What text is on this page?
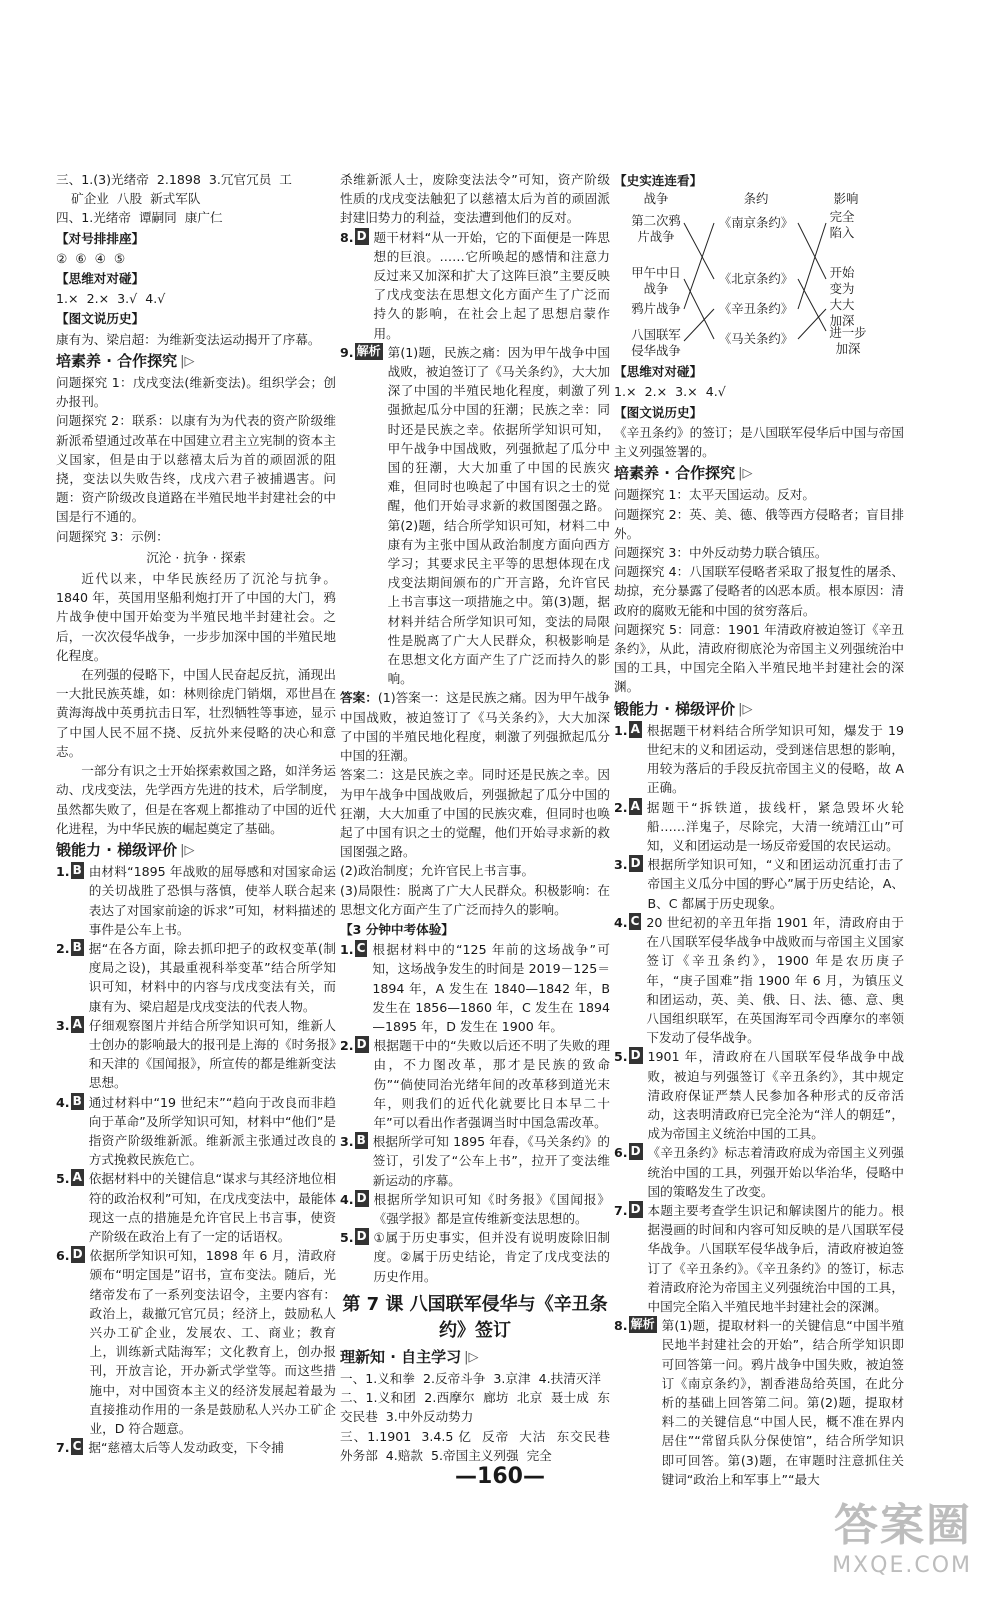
三、1.(3)光绪帝  2.1898  3.冗官冗员  工

矿企业  八股  新式军队

四、1.光绪帝  谭嗣同  康广仁

【对号排排座】

②  ⑥  ④  ⑤

【思维对对碰】

1.×  2.×  3.√  4.√

【图文说历史】

康有为、梁启超：为维新变法运动揭开了序幕。

培素养 · 合作探究 |▷

问题探究 1：戊戌变法(维新变法)。组织学会；创办报刊。

问题探究 2：联系：以康有为为代表的资产阶级维新派希望通过改革在中国建立君主立宪制的资本主义国家，但是由于以慈禧太后为首的顽固派的阻挠，变法以失败告终，戊戌六君子被捕遇害。问题：资产阶级改良道路在半殖民地半封建社会的中国是行不通的。

问题探究 3：示例：

沉沦 · 抗争 · 探索

近代以来，中华民族经历了沉沦与抗争。1840 年，英国用坚船利炮打开了中国的大门，鸦片战争使中国开始变为半殖民地半封建社会。之后，一次次侵华战争，一步步加深中国的半殖民地化程度。

在列强的侵略下，中国人民奋起反抗，涌现出一大批民族英雄，如：林则徐虎门销烟，邓世昌在黄海海战中英勇抗击日军，壮烈牺牲等事迹，显示了中国人民不屈不挠、反抗外来侵略的决心和意志。

一部分有识之士开始探索救国之路，如洋务运动、戊戌变法，先学西方先进的技术，后学制度，虽然都失败了，但是在客观上都推动了中国的近代化进程，为中华民族的崛起奠定了基础。

锻能力 · 梯级评价 |▷
1. B 由材料“1895 年战败的屈辱感和对国家命运的关切战胜了恐惧与落慎，使举人联合起来表达了对国家前途的诉求”可知，材料描述的事件是公车上书。
2. B 据“在各方面，除去抓印把子的政权变革(制度局之设)，其最重视科举变革”结合所学知识可知，材料中的内容与戊戌变法有关，而康有为、梁启超是戊戌变法的代表人物。
3. A 仔细观察图片并结合所学知识可知，维新人士创办的影响最大的报刊是上海的《时务报》和天津的《国闻报》，所宣传的都是维新变法思想。
4. B 通过材料中“19 世纪末”“趋向于改良而非趋向于革命”及所学知识可知，材料中“他们”是指资产阶级维新派。维新派主张通过改良的方式挽救民族危亡。
5. A 依据材料中的关键信息“谋求与其经济地位相符的政治权利”可知，在戊戌变法中，最能体现这一点的措施是允许官民上书言事，使资产阶级在政治上有了一定的话语权。
6. D 依据所学知识可知，1898 年 6 月，清政府颁布“明定国是”诏书，宣布变法。随后，光绪帝发布了一系列变法诏令，主要内容有：政治上，裁撤冗官冗员；经济上，鼓励私人兴办工矿企业，发展农、工、商业；教育上，训练新式陆海军；文化教育上，创办报刊，开放言论，开办新式学堂等。而这些措施中，对中国资本主义的经济发展起着最为直接推动作用的一条是鼓励私人兴办工矿企业，D 符合题意。
7. C 据“慈禧太后等人发动政变，下令捕

杀维新派人士，废除变法法令”可知，资产阶级性质的戊戌变法触犯了以慈禧太后为首的顽固派封建旧势力的利益，变法遭到他们的反对。

8. D 题干材料“从一开始，它的下面便是一阵思想的巨浪。……它所唤起的感情和注意力反过来又加深和扩大了这阵巨浪”主要反映了戊戌变法在思想文化方面产生了广泛而持久的影响，在社会上起了思想启蒙作用。
9. 解析 第(1)题，民族之痛：因为甲午战争中国战败，被迫签订了《马关条约》，大大加深了中国的半殖民地化程度，刺激了列强掀起瓜分中国的狂潮；民族之幸：同时还是民族之幸。依据所学知识可知，甲午战争中国战败，列强掀起了瓜分中国的狂潮，大大加重了中国的民族灾难，但同时也唤起了中国有识之士的觉醒，他们开始寻求新的救国图强之路。第(2)题，结合所学知识可知，材料二中康有为主张中国从政治制度方面向西方学习；其要求民主平等的思想体现在戊戌变法期间颁布的广开言路，允许官民上书言事这一项措施之中。第(3)题，据材料并结合所学知识可知，变法的局限性是脱离了广大人民群众，积极影响是在思想文化方面产生了广泛而持久的影响。

答案：(1)答案一：这是民族之痛。因为甲午战争中国战败，被迫签订了《马关条约》，大大加深了中国的半殖民地化程度，刺激了列强掀起瓜分中国的狂潮。

答案二：这是民族之幸。同时还是民族之幸。因为甲午战争中国战败后，列强掀起了瓜分中国的狂潮，大大加重了中国的民族灾难，但同时也唤起了中国有识之士的觉醒，他们开始寻求新的救国图强之路。

(2)政治制度；允许官民上书言事。

(3)局限性：脱离了广大人民群众。积极影响：在思想文化方面产生了广泛而持久的影响。

【3 分钟中考体验】

1. C 根据材料中的“125 年前的这场战争”可知，这场战争发生的时间是 2019－125＝1894 年，A 发生在 1840—1842 年，B 发生在 1856—1860 年，C 发生在 1894—1895 年，D 发生在 1900 年。
2. D 根据题干中的“失败以后还不明了失败的理由，不力图改革，那才是民族的致命伤”“倘使同治光绪年间的改革移到道光末年，则我们的近代化就要比日本早二十年”可以看出作者强调当时中国急需改革。
3. B 根据所学可知 1895 年春，《马关条约》的签订，引发了“公车上书”，拉开了变法维新运动的序幕。
4. D 根据所学知识可知《时务报》《国闻报》《强学报》都是宣传维新变法思想的。
5. D ①属于历史事实，但并没有说明废除旧制度。②属于历史结论，肯定了戊戌变法的历史作用。
第 7 课 八国联军侵华与《辛丑条约》签订
理新知 · 自主学习 |▷

一、1.义和拳  2.反帝斗争  3.京津  4.扶清灭洋

二、1.义和团  2.西摩尔  廊坊  北京  聂士成  东交民巷  3.中外反动势力

三、1.1901  3.4.5 亿  反帝  大沽  东交民巷  外务部  4.赔款  5.帝国主义列强  完全

【史实连连看】

战争	条约	影响
第二次鸦片战争
甲午中日战争
鸦片战争
八国联军侵华战争
《南京条约》
《北京条约》
《辛丑条约》
《马关条约》
完全陷入
开始变为
大大加深
进一步加深

【思维对对碰】

1.×  2.×  3.×  4.√

【图文说历史】

《辛丑条约》的签订；是八国联军侵华后中国与帝国主义列强签署的。

培素养 · 合作探究 |▷

问题探究 1：太平天国运动。反对。

问题探究 2：英、美、德、俄等西方侵略者；盲目排外。

问题探究 3：中外反动势力联合镇压。

问题探究 4：八国联军侵略者采取了报复性的屠杀、劫掠，充分暴露了侵略者的凶恶本质。根本原因：清政府的腐败无能和中国的贫穷落后。

问题探究 5：同意：1901 年清政府被迫签订《辛丑条约》，从此，清政府彻底沦为帝国主义列强统治中国的工具，中国完全陷入半殖民地半封建社会的深渊。

锻能力 · 梯级评价 |▷
1. A 根据题干材料结合所学知识可知，爆发于 19 世纪末的义和团运动，受到迷信思想的影响，用较为落后的手段反抗帝国主义的侵略，故 A 正确。
2. A 据题干“拆铁道，拔线杆，紧急毁坏火轮船……洋鬼子，尽除完，大清一统靖江山”可知，义和团运动是一场反帝爱国的农民运动。
3. D 根据所学知识可知，“义和团运动沉重打击了帝国主义瓜分中国的野心”属于历史结论，A、B、C 都属于历史现象。
4. C 20 世纪初的辛丑年指 1901 年，清政府由于在八国联军侵华战争中战败而与帝国主义国家签订《辛丑条约》，1900 年是农历庚子年，“庚子国难”指 1900 年 6 月，为镇压义和团运动，英、美、俄、日、法、德、意、奥八国组织联军，在英国海军司令西摩尔的率领下发动了侵华战争。
5. D 1901 年，清政府在八国联军侵华战争中战败，被迫与列强签订《辛丑条约》，其中规定清政府保证严禁人民参加各种形式的反帝活动，这表明清政府已完全沦为“洋人的朝廷”，成为帝国主义统治中国的工具。
6. D 《辛丑条约》标志着清政府成为帝国主义列强统治中国的工具，列强开始以华治华，侵略中国的策略发生了改变。
7. D 本题主要考查学生识记和解读图片的能力。根据漫画的时间和内容可知反映的是八国联军侵华战争。八国联军侵华战争后，清政府被迫签订了《辛丑条约》。《辛丑条约》的签订，标志着清政府沦为帝国主义列强统治中国的工具，中国完全陷入半殖民地半封建社会的深渊。
8. 解析 第(1)题，提取材料一的关键信息“中国半殖民地半封建社会的开始”，结合所学知识即可回答第一问。鸦片战争中国失败，被迫签订《南京条约》，割香港岛给英国，在此分析的基础上回答第二问。第(2)题，提取材料二的关键信息“中国人民，概不准在界内居住”“常留兵队分保使馆”，结合所学知识即可回答。第(3)题，在审题时注意抓住关键词“政治上和军事上”“最大
—160—
答案圈
MXQE.COM
